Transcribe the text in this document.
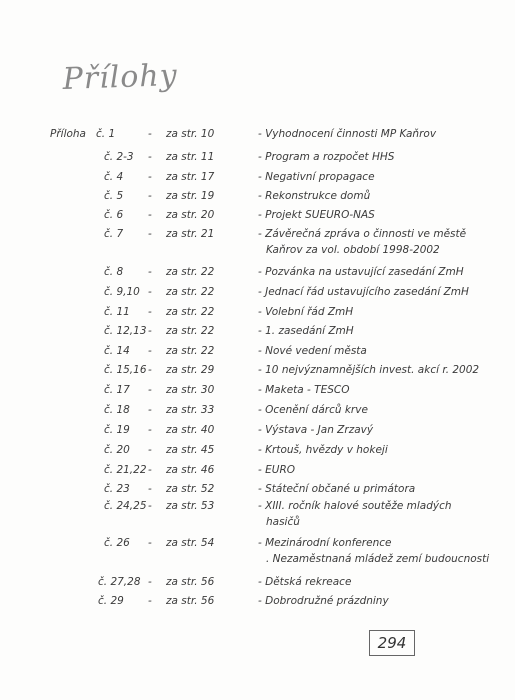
Přílohy
Příloha č. 1	- za str. 10	- Vyhodnocení činnosti MP Kaňrov
č. 2-3 - za str. 11	- Program a rozpočet HHS
č. 4 - za str. 17	- Negativní propagace
č. 5 - za str. 19	- Rekonstrukce domů
č. 6 - za str. 20	- Projekt SUEURO-NAS
č. 7 - za str. 21	- Závěrečná zpráva o činnosti ve městě
Kaňrov za vol. období 1998-2002
č. 8 - za str. 22	- Pozvánka na ustavující zasedání ZmH
č. 9,10 - za str. 22	- Jednací řád ustavujícího zasedání ZmH
č. 11 - za str. 22	- Volební řád ZmH
č. 12,13 - za str. 22	- 1. zasedání ZmH
č. 14 - za str. 22	- Nové vedení města
č. 15,16 - za str. 29	- 10 nejvýznamnějších invest. akcí r. 2002
č. 17 - za str. 30	- Maketa - TESCO
č. 18 - za str. 33	- Ocenění dárců krve
č. 19 - za str. 40	- Výstava - Jan Zrzavý
č. 20 - za str. 45	- Krtouš, hvězdy v hokeji
č. 21,22 - za str. 46	- EURO
č. 23 - za str. 52	- Státeční občané u primátora
č. 24,25 - za str. 53	- XIII. ročník halové soutěže mladých
hasičů
č. 26 - za str. 54	- Mezinárodní konference
. Nezaměstnaná mládež zemí budoucnosti
č. 27,28 - za str. 56	- Dětská rekreace
č. 29 - za str. 56	- Dobrodružné prázdniny
294
